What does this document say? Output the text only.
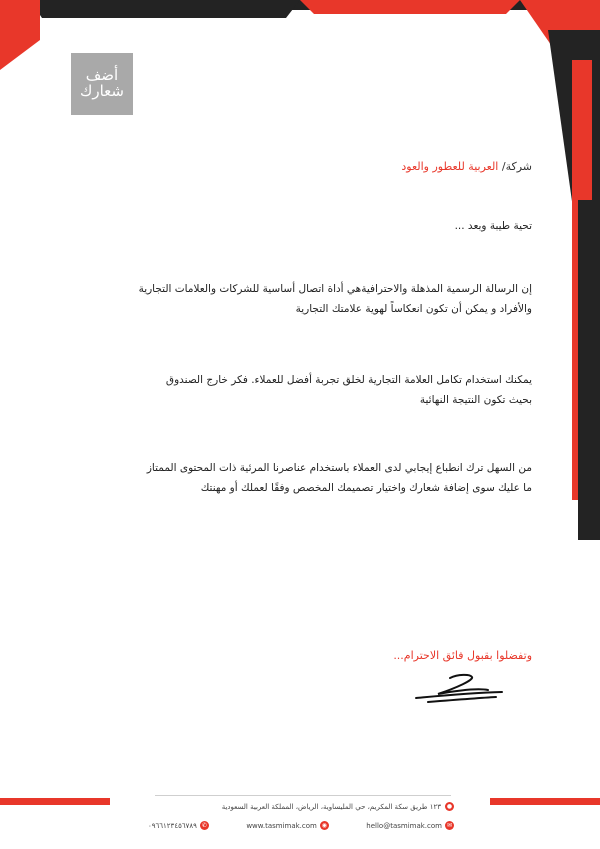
أضف
شعارك
شركة/ العربية للعطور والعود
تحية طيبة وبعد ...
إن الرسالة الرسمية المذهلة والاحترافيةهي أداة اتصال أساسية للشركات والعلامات التجارية
والأفراد و يمكن أن تكون انعكاساً لهوية علامتك التجارية
يمكنك استخدام تكامل العلامة التجارية لخلق تجربة أفضل للعملاء. فكر خارج الصندوق
بحيث تكون النتيجة النهائية
من السهل ترك انطباع إيجابي لدى العملاء باستخدام عناصرنا المرئية ذات المحتوى الممتاز
ما عليك سوى إضافة شعارك واختيار تصميمك المخصص وفقًا لعملك أو مهنتك
وتفضلوا بقبول فائق الاحترام...
●
١٢٣ طريق سكة المكريم، حي المليساوية، الرياض، المملكة العربية السعودية
٠٩٦٦١٢٣٤٥٦٧٨٩ ✆	www.tasmimak.com ◉	hello@tasmimak.com ✉
